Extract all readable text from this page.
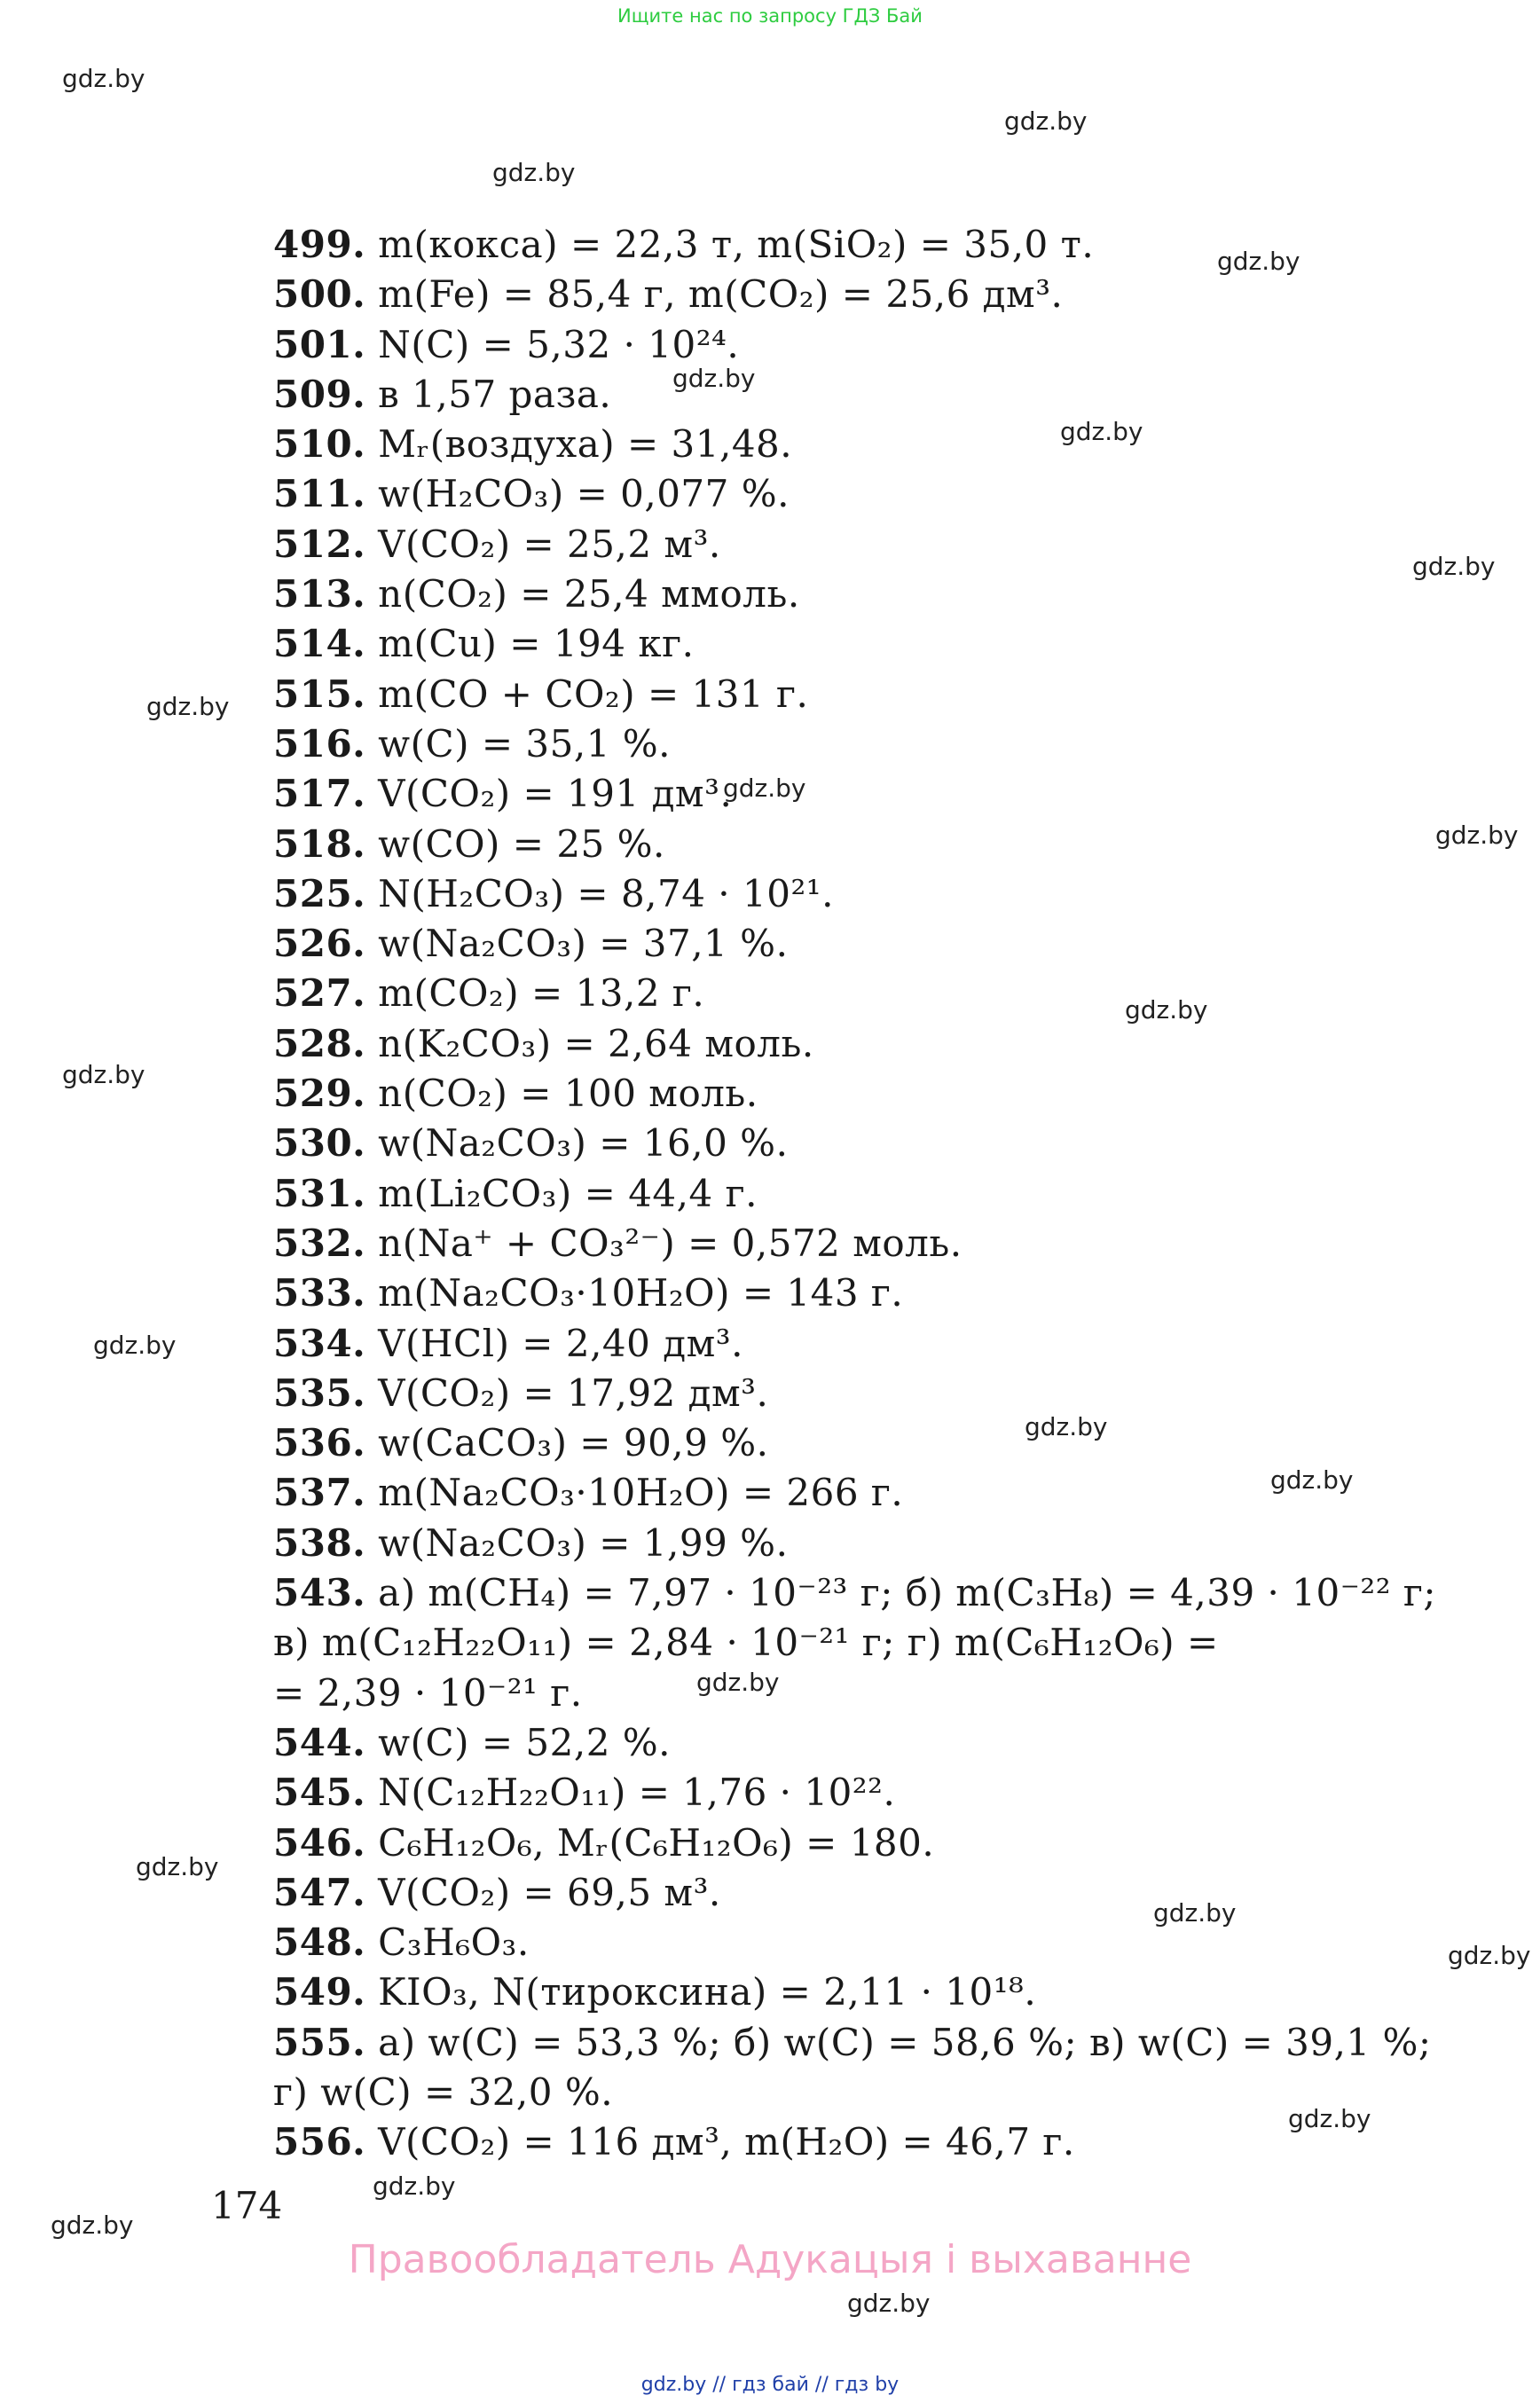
Ищите нас по запросу ГДЗ Бай
gdz.by
gdz.by
gdz.by
gdz.by
gdz.by
gdz.by
gdz.by
gdz.by
gdz.by
gdz.by
gdz.by
gdz.by
gdz.by
gdz.by
gdz.by
gdz.by
gdz.by
gdz.by
gdz.by
gdz.by
gdz.by
gdz.by
gdz.by
499. m(кокса) = 22,3 т, m(SiO₂) = 35,0 т.
500. m(Fe) = 85,4 г, m(CO₂) = 25,6 дм³.
501. N(C) = 5,32 · 10²⁴.
509. в 1,57 раза.
510. Mᵣ(воздуха) = 31,48.
511. w(H₂CO₃) = 0,077 %.
512. V(CO₂) = 25,2 м³.
513. n(CO₂) = 25,4 ммоль.
514. m(Cu) = 194 кг.
515. m(CO + CO₂) = 131 г.
516. w(C) = 35,1 %.
517. V(CO₂) = 191 дм³.
518. w(CO) = 25 %.
525. N(H₂CO₃) = 8,74 · 10²¹.
526. w(Na₂CO₃) = 37,1 %.
527. m(CO₂) = 13,2 г.
528. n(K₂CO₃) = 2,64 моль.
529. n(CO₂) = 100 моль.
530. w(Na₂CO₃) = 16,0 %.
531. m(Li₂CO₃) = 44,4 г.
532. n(Na⁺ + CO₃²⁻) = 0,572 моль.
533. m(Na₂CO₃·10H₂O) = 143 г.
534. V(HCl) = 2,40 дм³.
535. V(CO₂) = 17,92 дм³.
536. w(CaCO₃) = 90,9 %.
537. m(Na₂CO₃·10H₂O) = 266 г.
538. w(Na₂CO₃) = 1,99 %.
543. а) m(CH₄) = 7,97 · 10⁻²³ г; б) m(C₃H₈) = 4,39 · 10⁻²² г;
в) m(C₁₂H₂₂O₁₁) = 2,84 · 10⁻²¹ г; г) m(C₆H₁₂O₆) =
= 2,39 · 10⁻²¹ г.
544. w(C) = 52,2 %.
545. N(C₁₂H₂₂O₁₁) = 1,76 · 10²².
546. C₆H₁₂O₆, Mᵣ(C₆H₁₂O₆) = 180.
547. V(CO₂) = 69,5 м³.
548. C₃H₆O₃.
549. KIO₃, N(тироксина) = 2,11 · 10¹⁸.
555. а) w(C) = 53,3 %; б) w(C) = 58,6 %; в) w(C) = 39,1 %;
г) w(C) = 32,0 %.
556. V(CO₂) = 116 дм³, m(H₂O) = 46,7 г.
174
Правообладатель Адукацыя і выхаванне
gdz.by // гдз бай // гдз by
